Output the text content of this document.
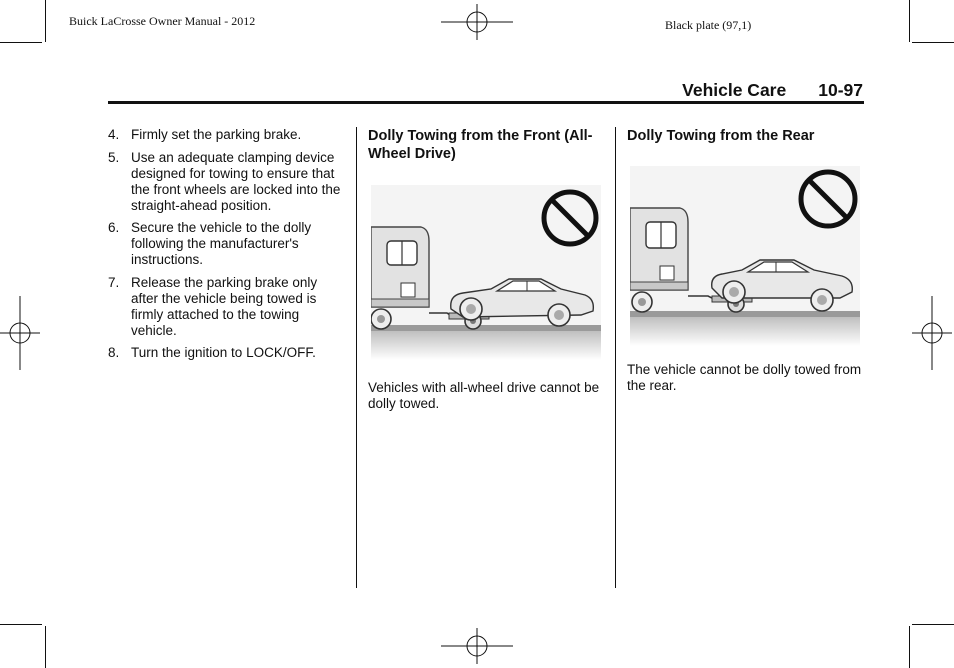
Buick LaCrosse Owner Manual - 2012	Black plate (97,1)
Vehicle Care 10-97
4. Firmly set the parking brake.
5. Use an adequate clamping device designed for towing to ensure that the front wheels are locked into the straight-ahead position.
6. Secure the vehicle to the dolly following the manufacturer's instructions.
7. Release the parking brake only after the vehicle being towed is firmly attached to the towing vehicle.
8. Turn the ignition to LOCK/OFF.
Dolly Towing from the Front (All-Wheel Drive)
Vehicles with all-wheel drive cannot be dolly towed.
Dolly Towing from the Rear
The vehicle cannot be dolly towed from the rear.
